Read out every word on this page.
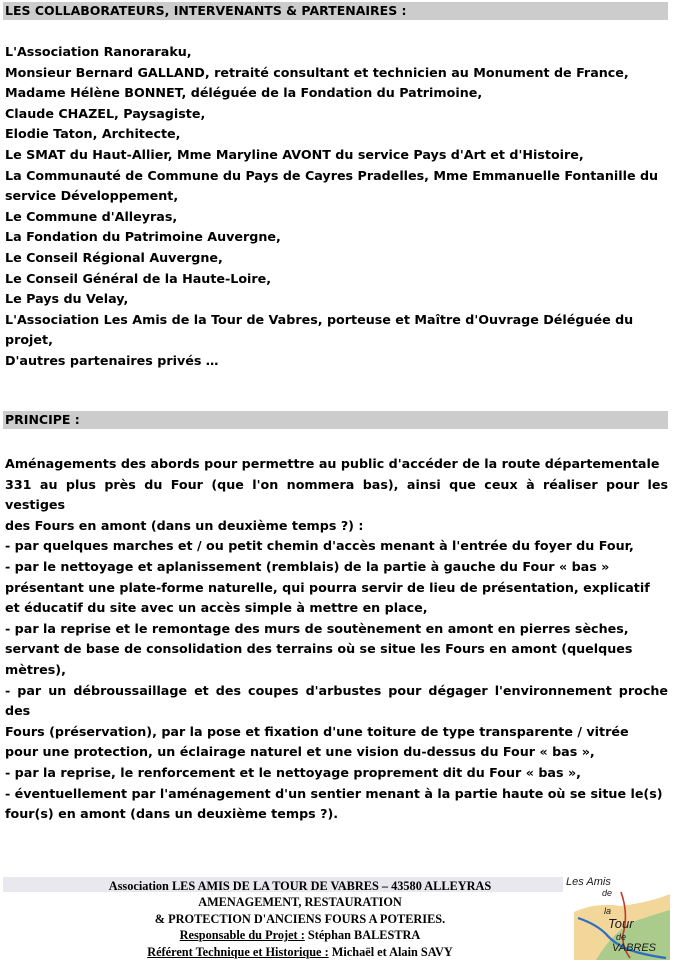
LES COLLABORATEURS, INTERVENANTS & PARTENAIRES :
L'Association Ranoraraku,
Monsieur Bernard GALLAND, retraité consultant et technicien au Monument de France,
Madame Hélène BONNET, déléguée de la Fondation du Patrimoine,
Claude CHAZEL, Paysagiste,
Elodie Taton, Architecte,
Le SMAT du Haut-Allier, Mme Maryline AVONT du service Pays d'Art et d'Histoire,
La Communauté de Commune du Pays de Cayres Pradelles, Mme Emmanuelle Fontanille du
service Développement,
Le Commune d'Alleyras,
La Fondation du Patrimoine Auvergne,
Le Conseil Régional Auvergne,
Le Conseil Général de la Haute-Loire,
Le Pays du Velay,
L'Association Les Amis de la Tour de Vabres, porteuse et Maître d'Ouvrage Déléguée du
projet,
D'autres partenaires privés …
PRINCIPE :
Aménagements des abords pour permettre au public d'accéder de la route départementale
331 au plus près du Four (que l'on nommera bas), ainsi que ceux à réaliser pour les vestiges
des Fours en amont (dans un deuxième temps ?) :
- par quelques marches et / ou petit chemin d'accès menant à l'entrée du foyer du Four,
- par le nettoyage et aplanissement (remblais) de la partie à gauche du Four « bas »
présentant une plate-forme naturelle, qui pourra servir de lieu de présentation, explicatif
et éducatif du site avec un accès simple à mettre en place,
- par la reprise et le remontage des murs de soutènement en amont en pierres sèches,
servant de base de consolidation des terrains où se situe les Fours en amont (quelques
mètres),
- par un débroussaillage et des coupes d'arbustes pour dégager l'environnement proche des
Fours (préservation), par la pose et fixation d'une toiture de type transparente / vitrée
pour une protection, un éclairage naturel et une vision du-dessus du Four « bas »,
- par la reprise, le renforcement et le nettoyage proprement dit du Four « bas »,
- éventuellement par l'aménagement d'un sentier menant à la partie haute où se situe le(s)
four(s) en amont (dans un deuxième temps ?).
Association LES AMIS DE LA TOUR DE VABRES – 43580 ALLEYRAS
AMENAGEMENT, RESTAURATION
& PROTECTION D'ANCIENS FOURS A POTERIES.
Responsable du Projet : Stéphan BALESTRA
Référent Technique et Historique : Michaël et Alain SAVY
Les Amis
de
la
Tour
de
VABRES
